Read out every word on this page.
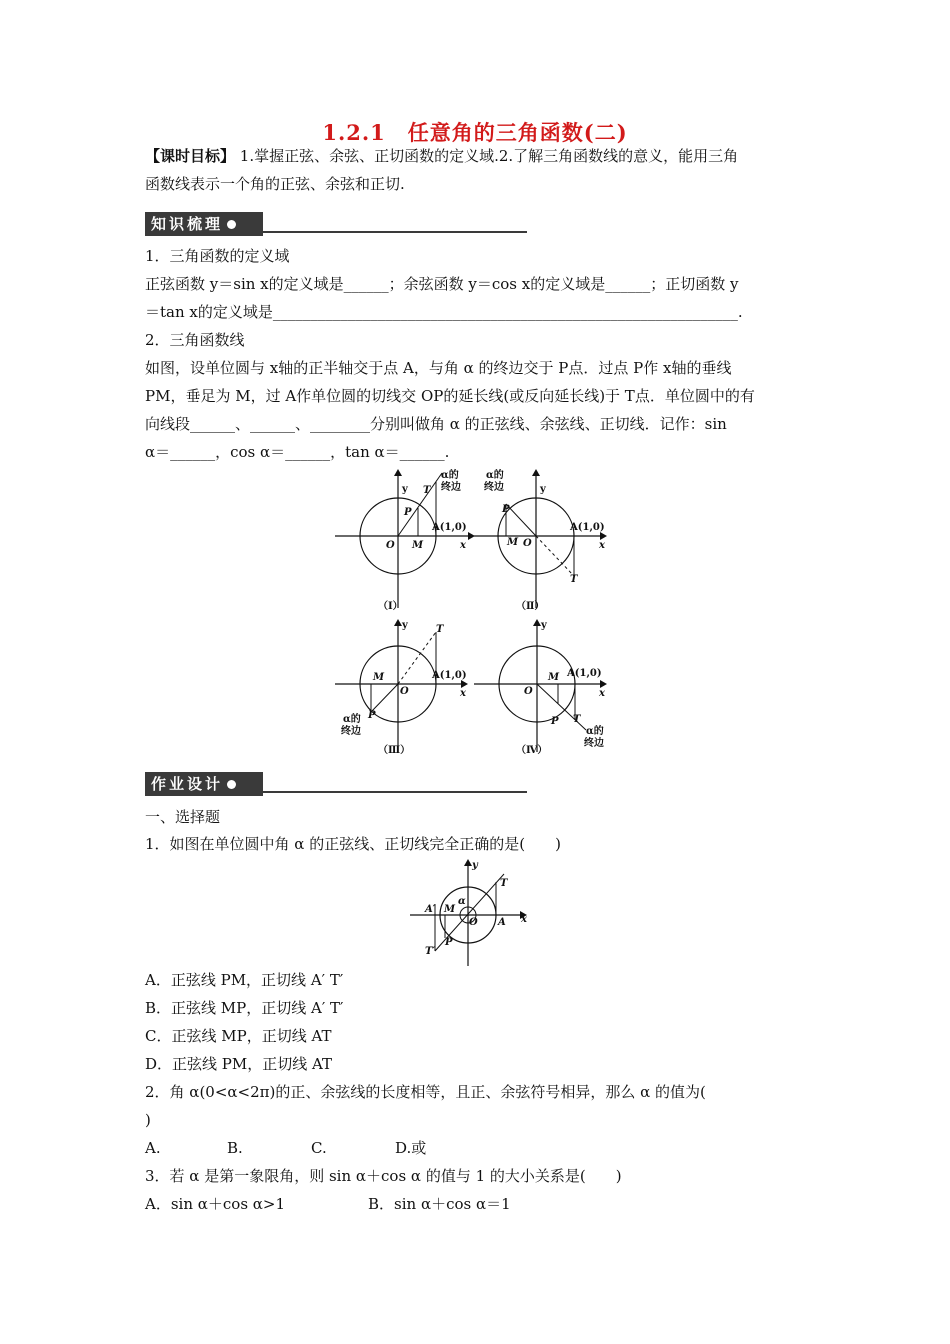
1.2.1　任意角的三角函数(二)
【课时目标】 1.掌握正弦、余弦、正切函数的定义域.2.了解三角函数线的意义，能用三角
函数线表示一个角的正弦、余弦和正切.
知识梳理
1．三角函数的定义域
正弦函数 y＝sin x的定义域是______；余弦函数 y＝cos x的定义域是______；正切函数 y
＝tan x的定义域是______________________________________________________________.
2．三角函数线
如图，设单位圆与 x轴的正半轴交于点 A，与角 α 的终边交于 P点．过点 P作 x轴的垂线
PM，垂足为 M，过 A作单位圆的切线交 OP的延长线(或反向延长线)于 T点．单位圆中的有
向线段______、______、________分别叫做角 α 的正弦线、余弦线、正切线．记作：sin
α＝______，cos α＝______，tan α＝______.
y
α的
终边
T
P
A(1,0)
O M	x
（Ⅰ）
y
α的
终边
P
A(1,0)
M O	x
T
（Ⅱ）
y	T
M	A(1,0)
O	x
P
α的
终边
（Ⅲ）
y
A(1,0)
M
O	x
T
P
α的
终边
（Ⅳ）
作业设计
一、选择题
1．如图在单位圆中角 α 的正弦线、正切线完全正确的是(　　)
y
T
α
A′ M
O A x
P
T′
A．正弦线 PM，正切线 A′ T′
B．正弦线 MP，正切线 A′ T′
C．正弦线 MP，正切线 AT
D．正弦线 PM，正切线 AT
2．角 α(0<α<2π)的正、余弦线的长度相等，且正、余弦符号相异，那么 α 的值为(
)
A.	B.	C.	D.或
3．若 α 是第一象限角，则 sin α＋cos α 的值与 1 的大小关系是(　　)
A．sin α＋cos α>1	B．sin α＋cos α＝1
